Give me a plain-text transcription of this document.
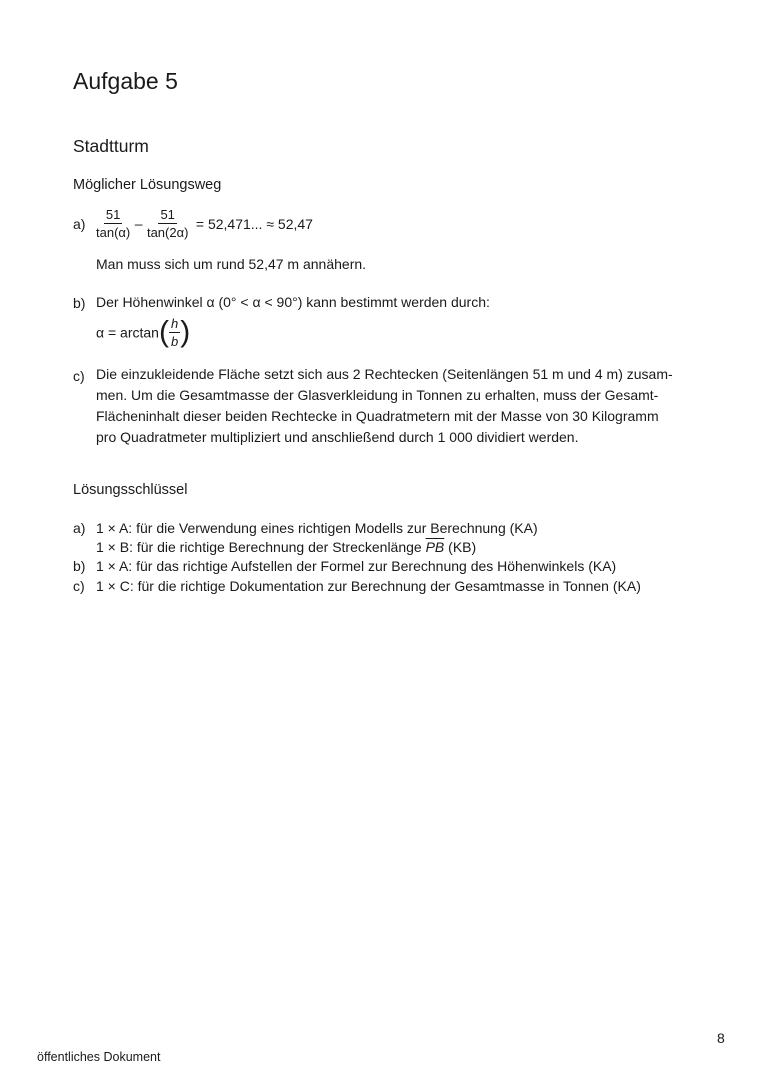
Aufgabe 5
Stadtturm
Möglicher Lösungsweg
$a) \frac{51}{\tan(\alpha)} - \frac{51}{\tan(2\alpha)} = 52,471$... ≈ 52,47
Man muss sich um rund 52,47 m annähern.
b) Der Höhenwinkel α (0° < α < 90°) kann bestimmt werden durch:
$\alpha = \arctan( \frac{h}{b}$ )
c) Die einzukleidende Fläche setzt sich aus 2 Rechtecken (Seitenlängen 51 m und 4 m) zusam-
men. Um die Gesamtmasse der Glasverkleidung in Tonnen zu erhalten, muss der Gesamt-
Flächeninhalt dieser beiden Rechtecke in Quadratmetern mit der Masse von 30 Kilogramm
pro Quadratmeter multipliziert und anschließend durch 1 000 dividiert werden.
Lösungsschlüssel
a) 1 × A: für die Verwendung eines richtigen Modells zur Berechnung (KA)
1 × B: für die richtige Berechnung der Streckenlänge $\overline{PB}$ (KB)
b) 1 × A: für das richtige Aufstellen der Formel zur Berechnung des Höhenwinkels (KA)
c) 1 × C: für die richtige Dokumentation zur Berechnung der Gesamtmasse in Tonnen (KA)
8
öffentliches Dokument
